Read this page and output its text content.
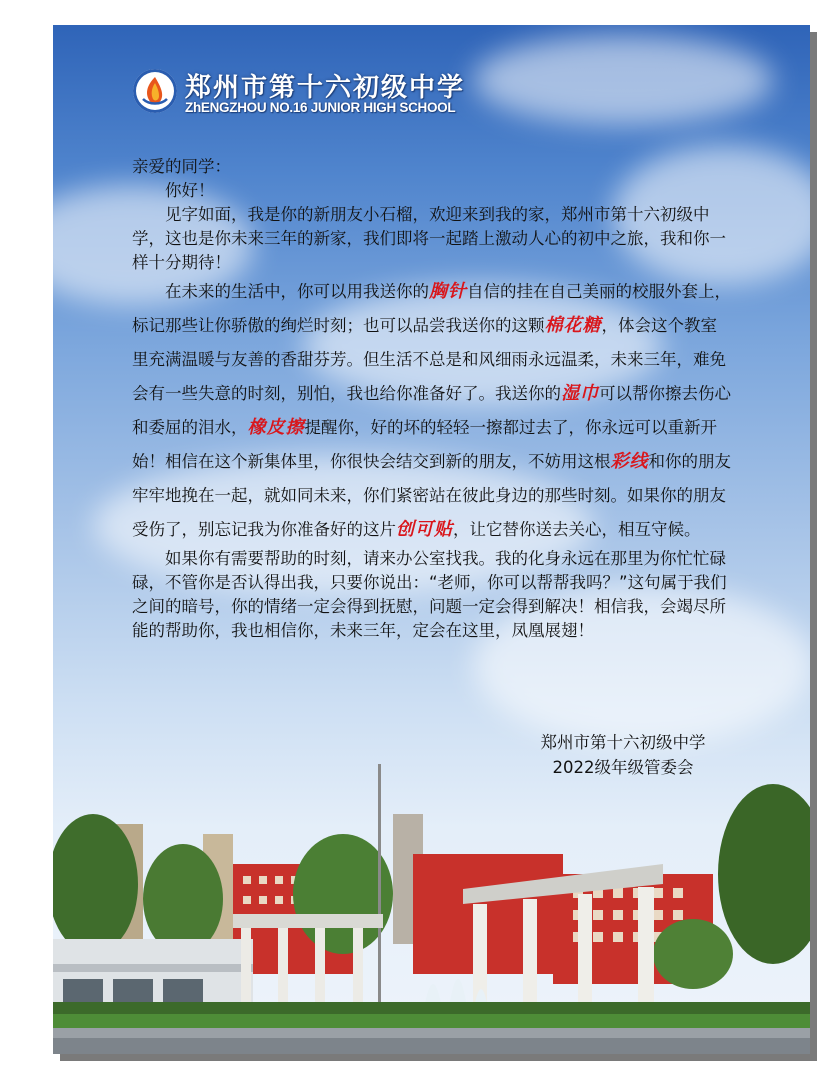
郑州市第十六初级中学
ZhENGZHOU NO.16 JUNIOR HIGH SCHOOL

亲爱的同学：

你好！

见字如面，我是你的新朋友小石榴，欢迎来到我的家，郑州市第十六初级中学，这也是你未来三年的新家，我们即将一起踏上激动人心的初中之旅，我和你一样十分期待！

在未来的生活中，你可以用我送你的胸针自信的挂在自己美丽的校服外套上，标记那些让你骄傲的绚烂时刻；也可以品尝我送你的这颗棉花糖，体会这个教室里充满温暖与友善的香甜芬芳。但生活不总是和风细雨永远温柔，未来三年，难免会有一些失意的时刻，别怕，我也给你准备好了。我送你的湿巾可以帮你擦去伤心和委屈的泪水，橡皮擦提醒你，好的坏的轻轻一擦都过去了，你永远可以重新开始！相信在这个新集体里，你很快会结交到新的朋友，不妨用这根彩线和你的朋友牢牢地挽在一起，就如同未来，你们紧密站在彼此身边的那些时刻。如果你的朋友受伤了，别忘记我为你准备好的这片创可贴，让它替你送去关心，相互守候。

如果你有需要帮助的时刻，请来办公室找我。我的化身永远在那里为你忙忙碌碌，不管你是否认得出我，只要你说出：“老师，你可以帮帮我吗？”这句属于我们之间的暗号，你的情绪一定会得到抚慰，问题一定会得到解决！相信我，会竭尽所能的帮助你，我也相信你，未来三年，定会在这里，凤凰展翅！

郑州市第十六初级中学
2022级年级管委会
